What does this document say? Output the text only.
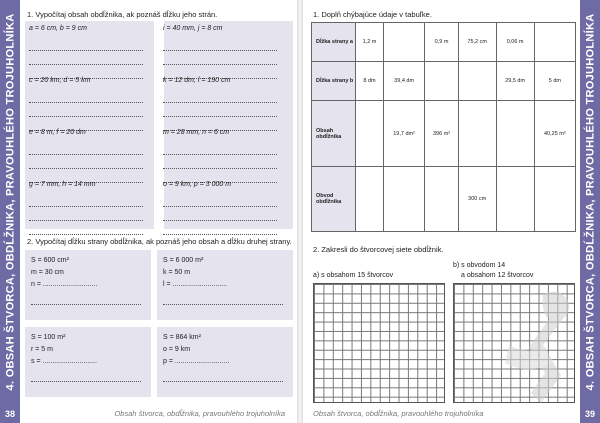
4. OBSAH ŠTVORCA, OBDĹŽNIKA, PRAVOUHLÉHO TROJUHOLNÍKA
38
1. Vypočítaj obsah obdĺžnika, ak poznáš dĺžku jeho strán.
a = 6 cm, b = 9 cm	i = 40 mm, j = 8 cm
c = 20 km, d = 5 km	k = 12 dm, l = 190 cm
e = 8 m, f = 20 dm	m = 28 mm, n = 6 cm
g = 7 mm, h = 14 mm	o = 9 km, p = 3 000 m
2. Vypočítaj dĺžku strany obdĺžnika, ak poznáš jeho obsah a dĺžku druhej strany.
S = 600 cm²
m = 30 cm
n = ............................
S = 6 000 m²
k = 50 m
l = ............................
S = 100 m²
r = 5 m
s = ............................
S = 864 km²
o = 9 km
p = ............................
Obsah štvorca, obdĺžnika, pravouhlého trojuholníka
4. OBSAH ŠTVORCA, OBDĹŽNIKA, PRAVOUHLÉHO TROJUHOLNÍKA
39
1. Doplň chýbajúce údaje v tabuľke.
Dĺžka strany a	1,2 m		0,9 m	75,2 cm	0,06 m	
Dĺžka strany b	8 dm	39,4 dm			29,5 dm	5 dm
Obsah obdĺžnika		19,7 dm²	396 m²			40,25 m²
Obvod obdĺžnika				300 cm		
2. Zakresli do štvorcovej siete obdĺžnik.
a) s obsahom 15 štvorcov
b) s obvodom 14
a obsahom 12 štvorcov
Obsah štvorca, obdĺžnika, pravouhlého trojuholníka
